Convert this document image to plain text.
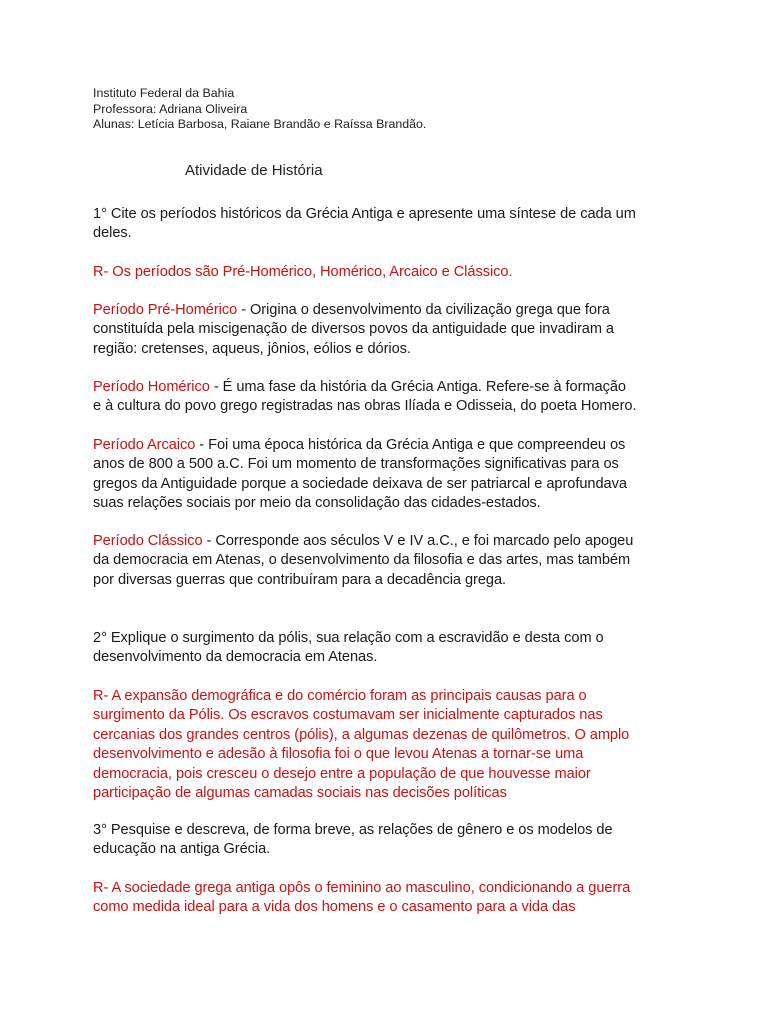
Instituto Federal da Bahia
Professora: Adriana Oliveira
Alunas: Letícia Barbosa, Raiane Brandão e Raíssa Brandão.
Atividade de História
1° Cite os períodos históricos da Grécia Antiga e apresente uma síntese de cada um
deles.
R- Os períodos são Pré-Homérico, Homérico, Arcaico e Clássico.
Período Pré-Homérico - Origina o desenvolvimento da civilização grega que fora
constituída pela miscigenação de diversos povos da antiguidade que invadiram a
região: cretenses, aqueus, jônios, eólios e dórios.
Período Homérico - É uma fase da história da Grécia Antiga. Refere-se à formação
e à cultura do povo grego registradas nas obras Ilíada e Odisseia, do poeta Homero.
Período Arcaico - Foi uma época histórica da Grécia Antiga e que compreendeu os
anos de 800 a 500 a.C. Foi um momento de transformações significativas para os
gregos da Antiguidade porque a sociedade deixava de ser patriarcal e aprofundava
suas relações sociais por meio da consolidação das cidades-estados.
Período Clássico - Corresponde aos séculos V e IV a.C., e foi marcado pelo apogeu
da democracia em Atenas, o desenvolvimento da filosofia e das artes, mas também
por diversas guerras que contribuíram para a decadência grega.
2° Explique o surgimento da pólis, sua relação com a escravidão e desta com o
desenvolvimento da democracia em Atenas.
R- A expansão demográfica e do comércio foram as principais causas para o
surgimento da Pólis. Os escravos costumavam ser inicialmente capturados nas
cercanias dos grandes centros (pólis), a algumas dezenas de quilômetros. O amplo
desenvolvimento e adesão à filosofia foi o que levou Atenas a tornar-se uma
democracia, pois cresceu o desejo entre a população de que houvesse maior
participação de algumas camadas sociais nas decisões políticas
3° Pesquise e descreva, de forma breve, as relações de gênero e os modelos de
educação na antiga Grécia.
R- A sociedade grega antiga opôs o feminino ao masculino, condicionando a guerra
como medida ideal para a vida dos homens e o casamento para a vida das
